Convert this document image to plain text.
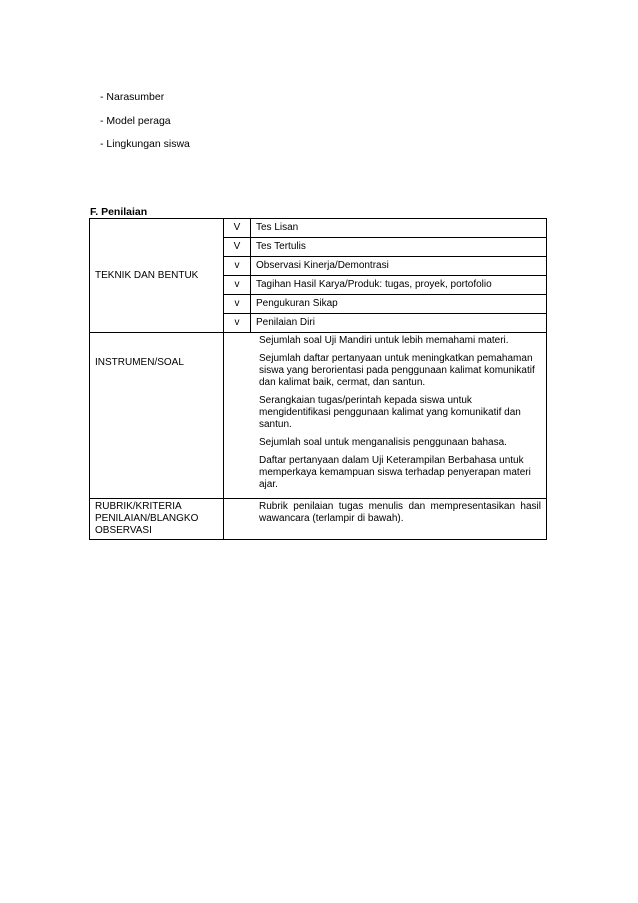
- Narasumber
- Model peraga
- Lingkungan siswa
F. Penilaian
TEKNIK DAN BENTUK	V	Tes Lisan
	V	Tes Tertulis
	v	Observasi Kinerja/Demontrasi
	v	Tagihan Hasil Karya/Produk: tugas, proyek, portofolio
	v	Pengukuran Sikap
	v	Penilaian Diri
INSTRUMEN/SOAL	Sejumlah soal Uji Mandiri untuk lebih memahami materi.
Sejumlah daftar pertanyaan untuk meningkatkan pemahaman siswa yang berorientasi pada penggunaan kalimat komunikatif dan kalimat baik, cermat, dan santun.
Serangkaian tugas/perintah kepada siswa untuk mengidentifikasi penggunaan kalimat yang komunikatif dan santun.
Sejumlah soal untuk menganalisis penggunaan bahasa.
Daftar pertanyaan dalam Uji Keterampilan Berbahasa untuk memperkaya kemampuan siswa terhadap penyerapan materi ajar.	

RUBRIK/KRITERIA PENILAIAN/BLANGKO OBSERVASI	Rubrik penilaian tugas menulis dan mempresentasikan hasil wawancara (terlampir di bawah).	
